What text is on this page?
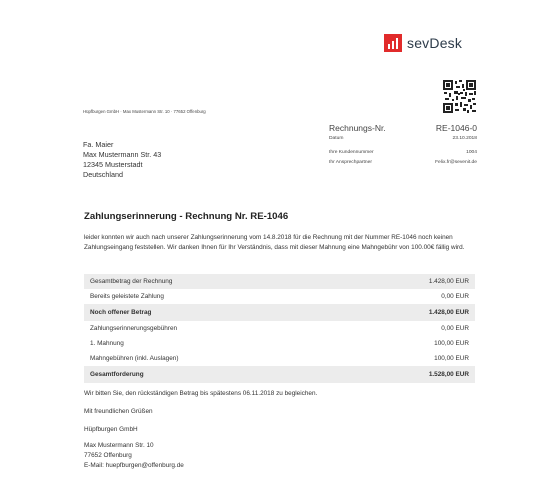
sevDesk
Hüpfburgen GmbH · Max Mustermann Str. 10 · 77652 Offenburg
Fa. Maier
Max Mustermann Str. 43
12345 Musterstadt
Deutschland
Rechnungs-Nr.	RE-1046-0
Datum	23.10.2018
Ihre Kundennummer	1004
Ihr Ansprechpartner	Felix.fr@sevenit.de
Zahlungserinnerung - Rechnung Nr. RE-1046
leider konnten wir auch nach unserer Zahlungserinnerung vom 14.8.2018 für die Rechnung mit der Nummer RE-1046 noch keinen Zahlungseingang feststellen. Wir danken Ihnen für Ihr Verständnis, dass mit dieser Mahnung eine Mahngebühr von 100.00€ fällig wird.
Gesamtbetrag der Rechnung	1.428,00 EUR
Bereits geleistete Zahlung	0,00 EUR
Noch offener Betrag	1.428,00 EUR
Zahlungserinnerungsgebühren	0,00 EUR
1. Mahnung	100,00 EUR
Mahngebühren (inkl. Auslagen)	100,00 EUR
Gesamtforderung	1.528,00 EUR
Wir bitten Sie, den rückständigen Betrag bis spätestens 06.11.2018 zu begleichen.
Mit freundlichen Grüßen
Hüpfburgen GmbH
Max Mustermann Str. 10
77652 Offenburg
E-Mail: huepfburgen@offenburg.de
